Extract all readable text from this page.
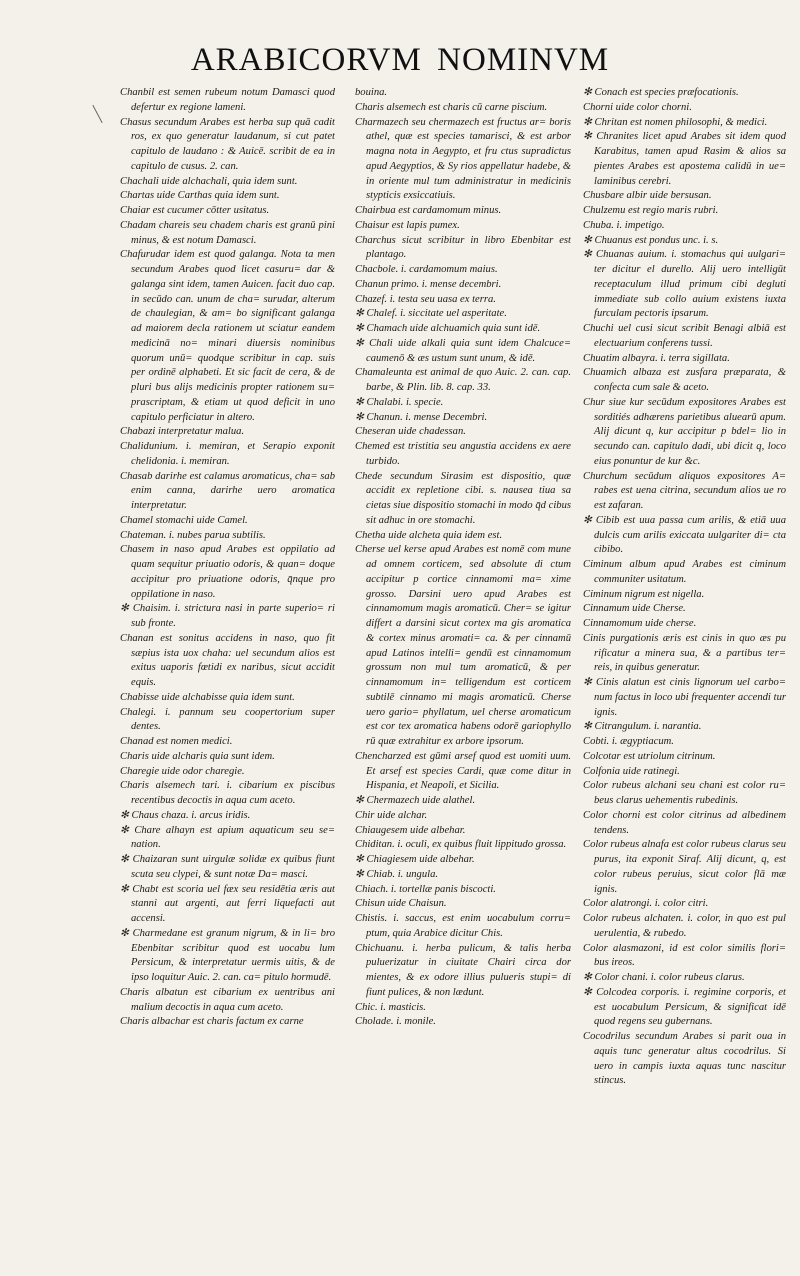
ARABICORVM NOMINVM

Chanbil est semen rubeum notum Damasci quod defertur ex regione lameni.

Chasus secundum Arabes est herba sup quā cadit ros, ex quo generatur laudanum, si cut patet capitulo de laudano : & Auicē. scribit de ea in capitulo de cusus. 2. can.

Chachali uide alchachali, quia idem sunt.

Chartas uide Carthas quia idem sunt.

Chaiar est cucumer cōtter usitatus.

Chadam chareis seu chadem charis est granū pini minus, & est notum Damasci.

Chafurudar idem est quod galanga. Nota ta men secundum Arabes quod licet casuru= dar & galanga sint idem, tamen Auicen. facit duo cap. in secūdo can. unum de cha= surudar, alterum de chaulegian, & am= bo significant galanga ad maiorem decla rationem ut sciatur eandem medicinā no= minari diuersis nominibus quorum unū= quodque scribitur in cap. suis per ordinē alphabeti. Et sic facit de cera, & de pluri bus alijs medicinis propter rationem su= prascriptam, & etiam ut quod deficit in uno capitulo perficiatur in altero.

Chabazi interpretatur malua.

Chalidunium. i. memiran, et Serapio exponit chelidonia. i. memiran.

Chasab darirhe est calamus aromaticus, cha= sab enim canna, darirhe uero aromatica interpretatur.

Chamel stomachi uide Camel.

Chateman. i. nubes parua subtilis.

Chasem in naso apud Arabes est oppilatio ad quam sequitur priuatio odoris, & quan= doque accipitur pro priuatione odoris, q̄nque pro oppilatione in naso.

✻ Chaisim. i. strictura nasi in parte superio= ri sub fronte.

Chanan est sonitus accidens in naso, quo fit sæpius ista uox chaha: uel secundum alios est exitus uaporis fœtidi ex naribus, sicut accidit equis.

Chabisse uide alchabisse quia idem sunt.

Chalegi. i. pannum seu coopertorium super dentes.

Chanad est nomen medici.

Charis uide alcharis quia sunt idem.

Charegie uide odor charegie.

Charis alsemech tari. i. cibarium ex piscibus recentibus decoctis in aqua cum aceto.

✻ Chaus chaza. i. arcus iridis.

✻ Chare alhayn est apium aquaticum seu se= nation.

✻ Chaizaran sunt uirgulæ solidæ ex quibus fiunt scuta seu clypei, & sunt notæ Da= masci.

✻ Chabt est scoria uel fæx seu residētia æris aut stanni aut argenti, aut ferri liquefacti aut accensi.

✻ Charmedane est granum nigrum, & in li= bro Ebenbitar scribitur quod est uocabu lum Persicum, & interpretatur uermis uitis, & de ipso loquitur Auic. 2. can. ca= pitulo hormudē.

Charis albatun est cibarium ex uentribus ani malium decoctis in aqua cum aceto.

Charis albachar est charis factum ex carne

bouina.

Charis alsemech est charis cū carne piscium.

Charmazech seu chermazech est fructus ar= boris athel, quæ est species tamarisci, & est arbor magna nota in Aegypto, et fru ctus supradictus apud Aegyptios, & Sy rios appellatur hadebe, & in oriente mul tum administratur in medicinis stypticis exsiccatiuis.

Chairbua est cardamomum minus.

Chaisur est lapis pumex.

Charchus sicut scribitur in libro Ebenbitar est plantago.

Chacbole. i. cardamomum maius.

Chanun primo. i. mense decembri.

Chazef. i. testa seu uasa ex terra.

✻ Chalef. i. siccitate uel asperitate.

✻ Chamach uide alchuamich quia sunt idē.

✻ Chali uide alkali quia sunt idem Chalcuce= caumenō & æs ustum sunt unum, & idē.

Chamaleunta est animal de quo Auic. 2. can. cap. barbe, & Plin. lib. 8. cap. 33.

✻ Chalabi. i. specie.

✻ Chanun. i. mense Decembri.

Cheseran uide chadessan.

Chemed est tristitia seu angustia accidens ex aere turbido.

Chede secundum Sirasim est dispositio, quæ accidit ex repletione cibi. s. nausea tiua sa cietas siue dispositio stomachi in modo q̄d cibus sit adhuc in ore stomachi.

Chetha uide alcheta quia idem est.

Cherse uel kerse apud Arabes est nomē com mune ad omnem corticem, sed absolute di ctum accipitur p cortice cinnamomi ma= xime grosso. Darsini uero apud Arabes est cinnamomum magis aromaticū. Cher= se igitur differt a darsini sicut cortex ma gis aromatica & cortex minus aromati= ca. & per cinnamū apud Latinos intelli= gendū est cinnamomum grossum non mul tum aromaticū, & per cinnamomum in= telligendum est corticem subtilē cinnamo mi magis aromaticū. Cherse uero gario= phyllatum, uel cherse aromaticum est cor tex aromatica habens odorē gariophyllo rū quæ extrahitur ex arbore ipsorum.

Chencharzed est gūmi arsef quod est uomiti uum. Et arsef est species Cardi, quæ come ditur in Hispania, et Neapoli, et Sicilia.

✻ Chermazech uide alathel.

Chir uide alchar.

Chiaugesem uide albehar.

Chiditan. i. oculi, ex quibus fluit lippitudo grossa.

✻ Chiagiesem uide albehar.

✻ Chiab. i. ungula.

Chiach. i. tortellæ panis biscocti.

Chisun uide Chaisun.

Chistis. i. saccus, est enim uocabulum corru= ptum, quia Arabice dicitur Chis.

Chichuanu. i. herba pulicum, & talis herba puluerizatur in ciuitate Chairi circa dor mientes, & ex odore illius pulueris stupi= di fiunt pulices, & non lædunt.

Chic. i. masticis.

Cholade. i. monile.

✻ Conach est species præfocationis.

Chorni uide color chorni.

✻ Chritan est nomen philosophi, & medici.

✻ Chranites licet apud Arabes sit idem quod Karabitus, tamen apud Rasim & alios sa pientes Arabes est apostema calidū in ue= laminibus cerebri.

Chusbare albir uide bersusan.

Chulzemu est regio maris rubri.

Chuba. i. impetigo.

✻ Chuanus est pondus unc. i. s.

✻ Chuanas auium. i. stomachus qui uulgari= ter dicitur el durello. Alij uero intelligūt receptaculum illud primum cibi degluti immediate sub collo auium existens iuxta furculam pectoris ipsarum.

Chuchi uel cusi sicut scribit Benagi albiā est electuarium conferens tussi.

Chuatim albayra. i. terra sigillata.

Chuamich albaza est zusfara præparata, & confecta cum sale & aceto.

Chur siue kur secūdum expositores Arabes est sorditiés adhærens parietibus aluearū apum. Alij dicunt q, kur accipitur p bdel= lio in secundo can. capitulo dadi, ubi dicit q, loco eius ponuntur de kur &c.

Churchum secūdum aliquos expositores A= rabes est uena citrina, secundum alios ue ro est zafaran.

✻ Cibib est uua passa cum arilis, & etiā uua dulcis cum arilis exiccata uulgariter di= cta cibibo.

Ciminum album apud Arabes est ciminum communiter usitatum.

Ciminum nigrum est nigella.

Cinnamum uide Cherse.

Cinnamomum uide cherse.

Cinis purgationis æris est cinis in quo æs pu rificatur a minera sua, & a partibus ter= reis, in quibus generatur.

✻ Cinis alatun est cinis lignorum uel carbo= num factus in loco ubi frequenter accendi tur ignis.

✻ Citrangulum. i. narantia.

Cobti. i. ægyptiacum.

Colcotar est utriolum citrinum.

Colfonia uide ratinegi.

Color rubeus alchani seu chani est color ru= beus clarus uehementis rubedinis.

Color chorni est color citrinus ad albedinem tendens.

Color rubeus alnafa est color rubeus clarus seu purus, ita exponit Siraf. Alij dicunt, q, est color rubeus peruius, sicut color flā mæ ignis.

Color alatrongi. i. color citri.

Color rubeus alchaten. i. color, in quo est pul uerulentia, & rubedo.

Color alasmazoni, id est color similis flori= bus ireos.

✻ Color chani. i. color rubeus clarus.

✻ Colcodea corporis. i. regimine corporis, et est uocabulum Persicum, & significat idē quod regens seu gubernans.

Cocodrilus secundum Arabes si parit oua in aquis tunc generatur altus cocodrilus. Si uero in campis iuxta aquas tunc nascitur stincus.
